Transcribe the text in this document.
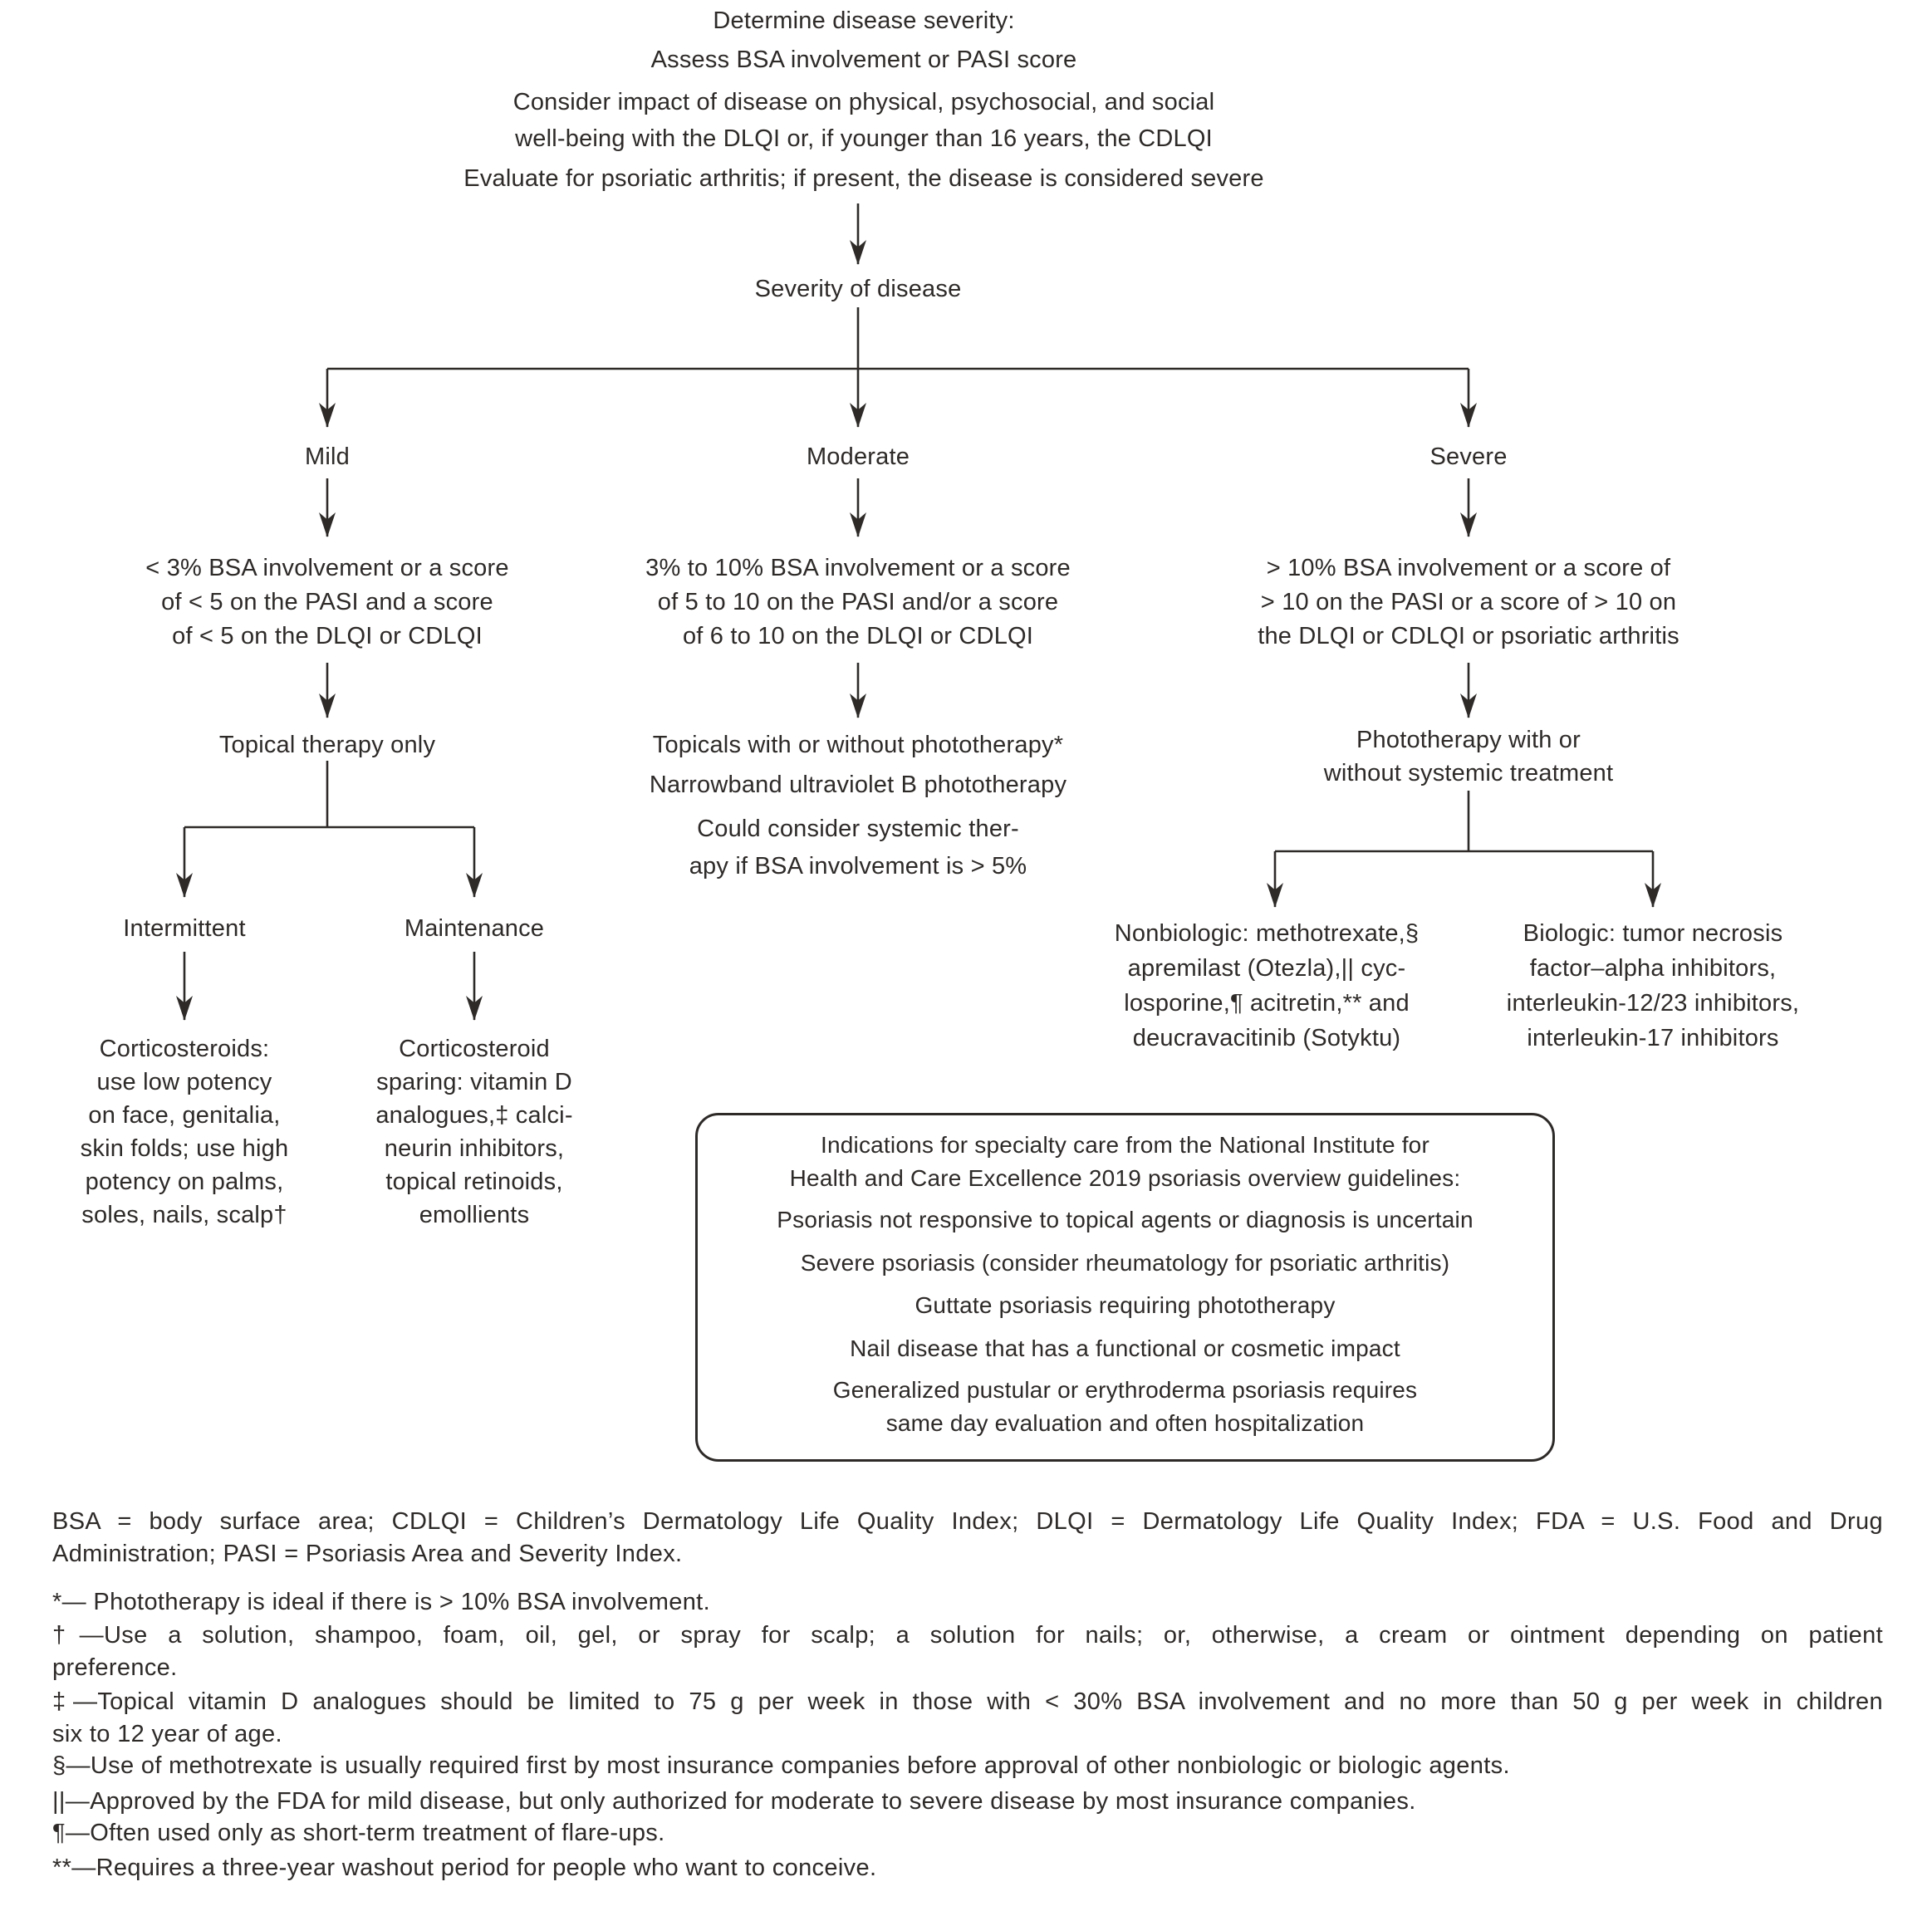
Determine disease severity:
Assess BSA involvement or PASI score
Consider impact of disease on physical, psychosocial, and social
well-being with the DLQI or, if younger than 16 years, the CDLQI
Evaluate for psoriatic arthritis; if present, the disease is considered severe
Severity of disease
Mild	Moderate	Severe
< 3% BSA involvement or a score
of < 5 on the PASI and a score
of < 5 on the DLQI or CDLQI
3% to 10% BSA involvement or a score
of 5 to 10 on the PASI and/or a score
of 6 to 10 on the DLQI or CDLQI
> 10% BSA involvement or a score of
> 10 on the PASI or a score of > 10 on
the DLQI or CDLQI or psoriatic arthritis
Topical therapy only	Topicals with or without phototherapy*
Narrowband ultraviolet B phototherapy
Could consider systemic ther-
apy if BSA involvement is > 5%
Phototherapy with or
without systemic treatment
Intermittent	Maintenance
Corticosteroids:
use low potency
on face, genitalia,
skin folds; use high
potency on palms,
soles, nails, scalp†
Corticosteroid
sparing: vitamin D
analogues,‡ calci-
neurin inhibitors,
topical retinoids,
emollients
Nonbiologic: methotrexate,§
apremilast (Otezla),|| cyc-
losporine,¶ acitretin,** and
deucravacitinib (Sotyktu)
Biologic: tumor necrosis
factor–alpha inhibitors,
interleukin-12/23 inhibitors,
interleukin-17 inhibitors
Indications for specialty care from the National Institute for
Health and Care Excellence 2019 psoriasis overview guidelines:
Psoriasis not responsive to topical agents or diagnosis is uncertain
Severe psoriasis (consider rheumatology for psoriatic arthritis)
Guttate psoriasis requiring phototherapy
Nail disease that has a functional or cosmetic impact
Generalized pustular or erythroderma psoriasis requires
same day evaluation and often hospitalization
BSA = body surface area; CDLQI = Children’s Dermatology Life Quality Index; DLQI = Dermatology Life Quality Index; FDA = U.S. Food and Drug
Administration; PASI = Psoriasis Area and Severity Index.
*— Phototherapy is ideal if there is > 10% BSA involvement.
†—Use a solution, shampoo, foam, oil, gel, or spray for scalp; a solution for nails; or, otherwise, a cream or ointment depending on patient
preference.
‡—Topical vitamin D analogues should be limited to 75 g per week in those with < 30% BSA involvement and no more than 50 g per week in children
six to 12 year of age.
§—Use of methotrexate is usually required first by most insurance companies before approval of other nonbiologic or biologic agents.
||—Approved by the FDA for mild disease, but only authorized for moderate to severe disease by most insurance companies.
¶—Often used only as short-term treatment of flare-ups.
**—Requires a three-year washout period for people who want to conceive.
